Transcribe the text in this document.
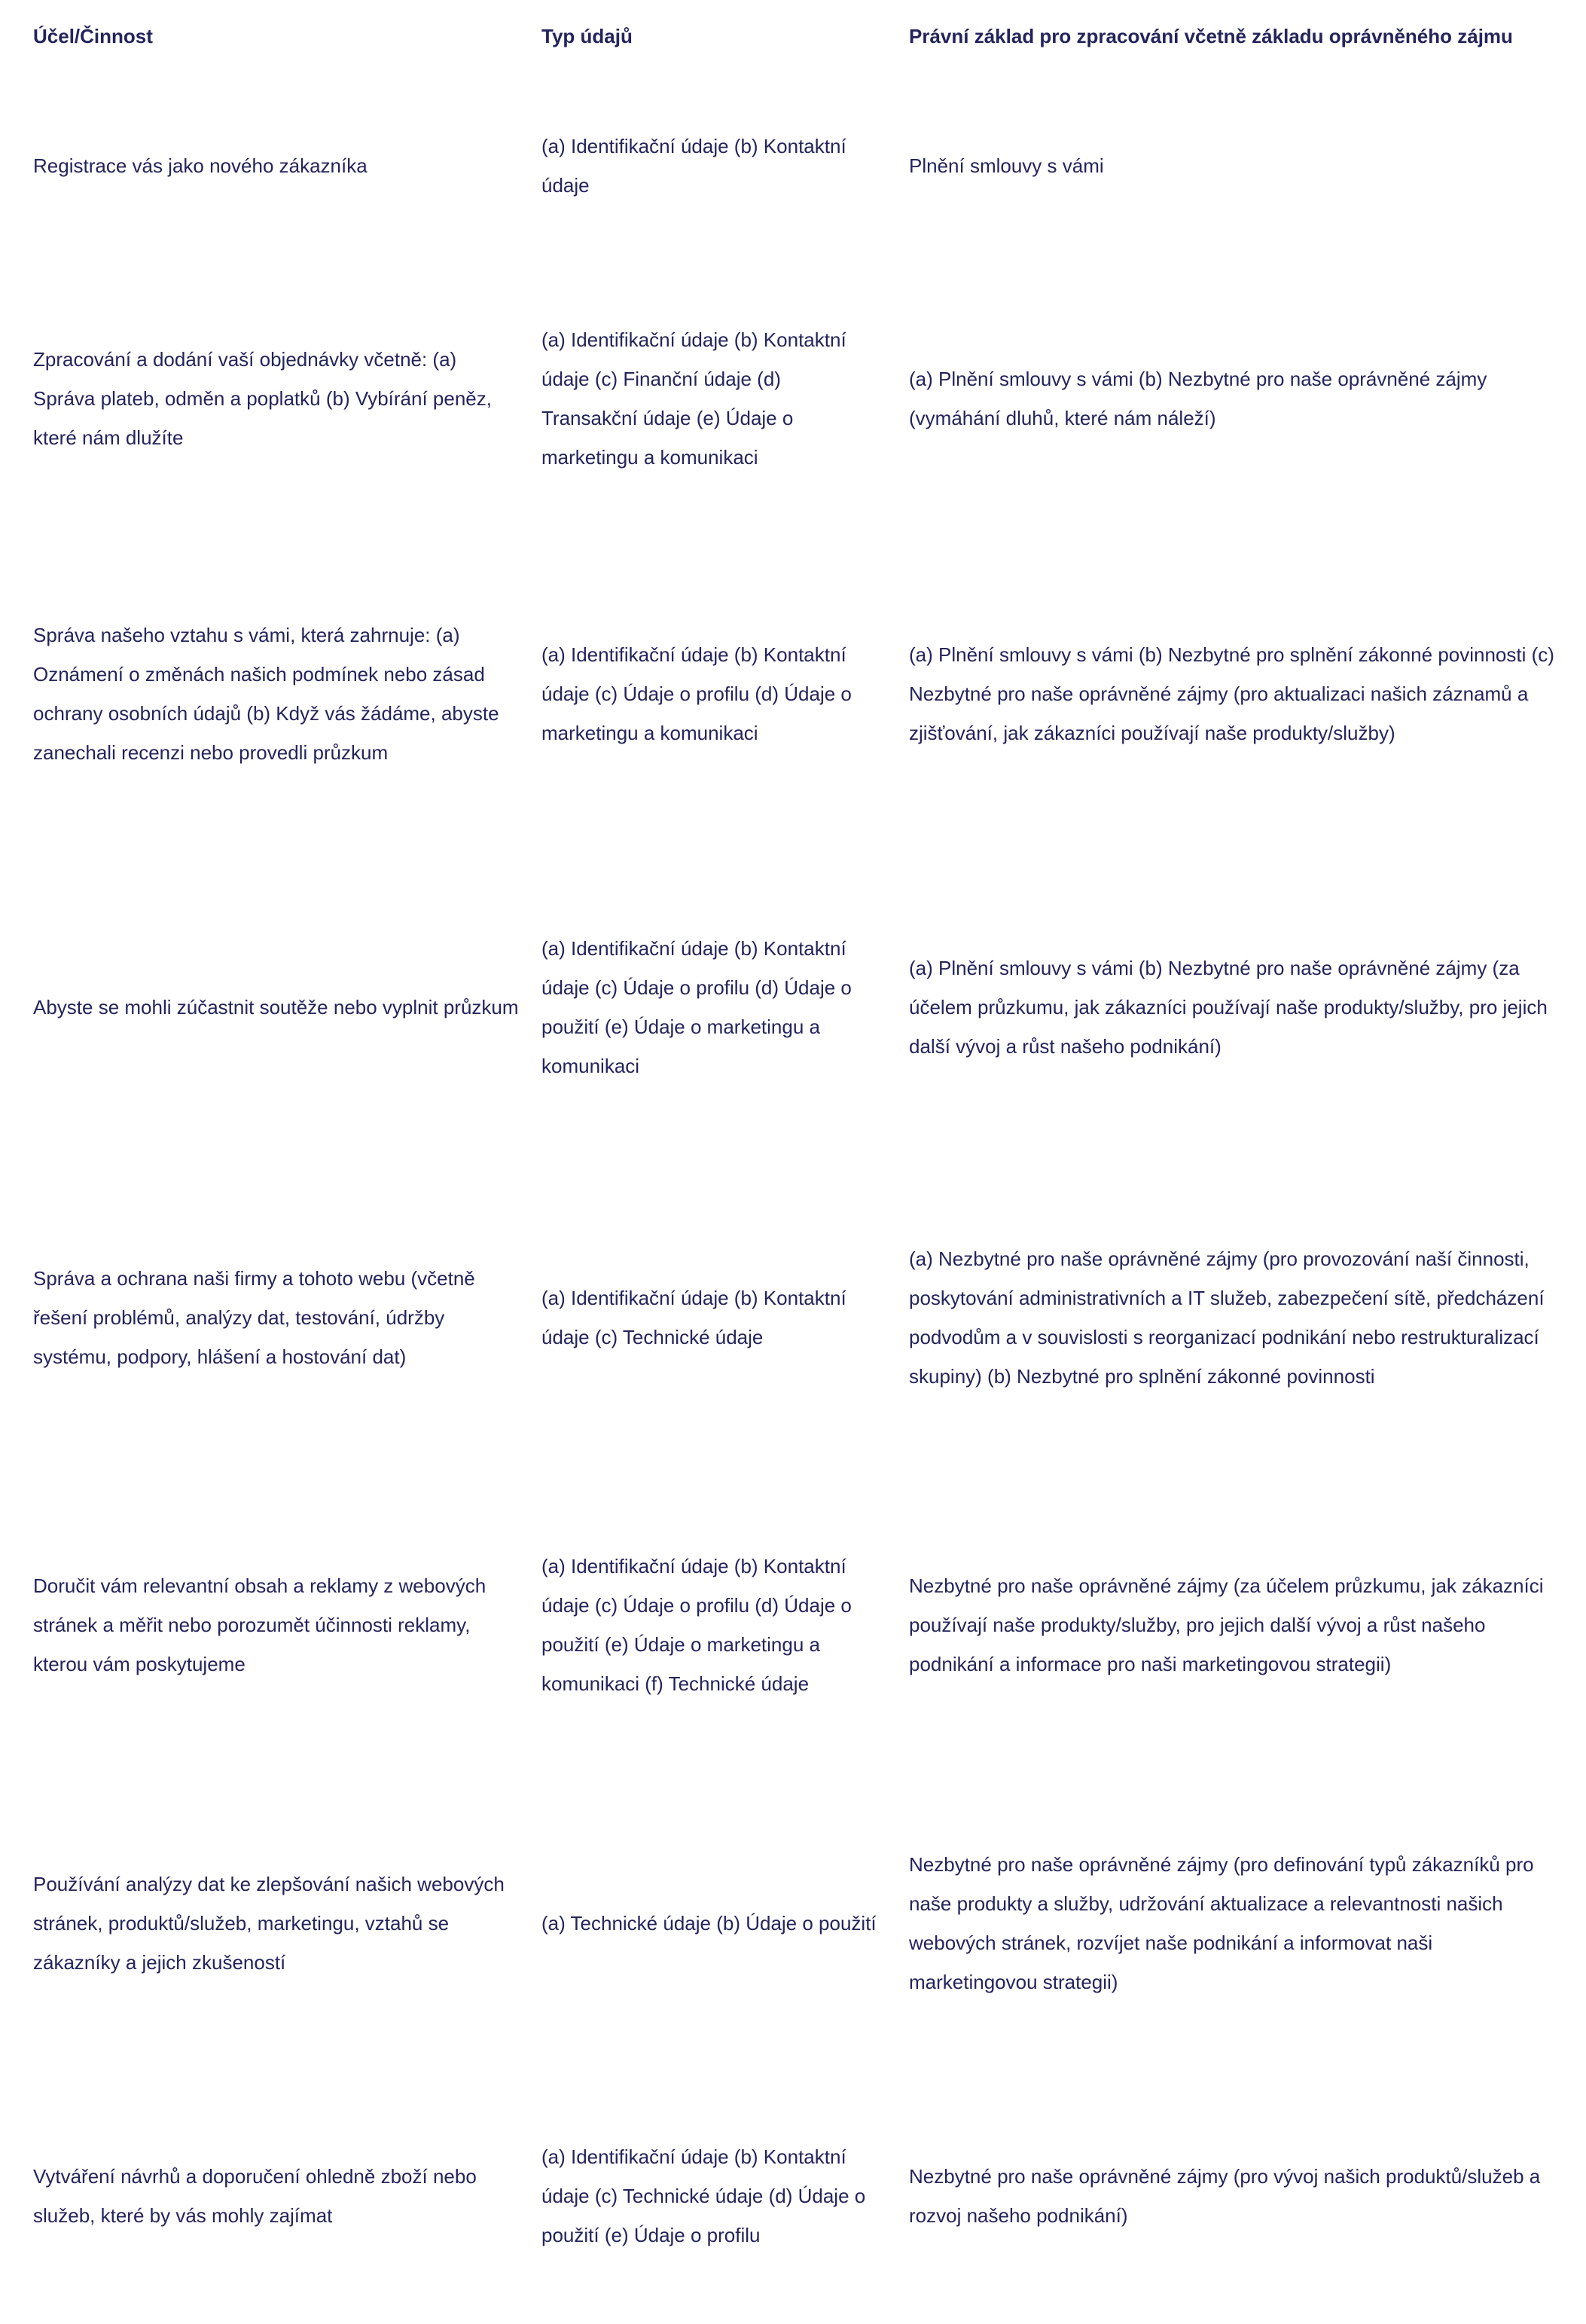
Účel/Činnost	Typ údajů	Právní základ pro zpracování včetně základu oprávněného zájmu
Registrace vás jako nového zákazníka	(a) Identifikační údaje (b) Kontaktní údaje	Plnění smlouvy s vámi
Zpracování a dodání vaší objednávky včetně: (a) Správa plateb, odměn a poplatků (b) Vybírání peněz, které nám dlužíte	(a) Identifikační údaje (b) Kontaktní údaje (c) Finanční údaje (d) Transakční údaje (e) Údaje o marketingu a komunikaci	(a) Plnění smlouvy s vámi (b) Nezbytné pro naše oprávněné zájmy (vymáhání dluhů, které nám náleží)
Správa našeho vztahu s vámi, která zahrnuje: (a) Oznámení o změnách našich podmínek nebo zásad ochrany osobních údajů (b) Když vás žádáme, abyste zanechali recenzi nebo provedli průzkum	(a) Identifikační údaje (b) Kontaktní údaje (c) Údaje o profilu (d) Údaje o marketingu a komunikaci	(a) Plnění smlouvy s vámi (b) Nezbytné pro splnění zákonné povinnosti (c) Nezbytné pro naše oprávněné zájmy (pro aktualizaci našich záznamů a zjišťování, jak zákazníci používají naše produkty/služby)
Abyste se mohli zúčastnit soutěže nebo vyplnit průzkum	(a) Identifikační údaje (b) Kontaktní údaje (c) Údaje o profilu (d) Údaje o použití (e) Údaje o marketingu a komunikaci	(a) Plnění smlouvy s vámi (b) Nezbytné pro naše oprávněné zájmy (za účelem průzkumu, jak zákazníci používají naše produkty/služby, pro jejich další vývoj a růst našeho podnikání)
Správa a ochrana naši firmy a tohoto webu (včetně řešení problémů, analýzy dat, testování, údržby systému, podpory, hlášení a hostování dat)	(a) Identifikační údaje (b) Kontaktní údaje (c) Technické údaje	(a) Nezbytné pro naše oprávněné zájmy (pro provozování naší činnosti, poskytování administrativních a IT služeb, zabezpečení sítě, předcházení podvodům a v souvislosti s reorganizací podnikání nebo restrukturalizací skupiny) (b) Nezbytné pro splnění zákonné povinnosti
Doručit vám relevantní obsah a reklamy z webových stránek a měřit nebo porozumět účinnosti reklamy, kterou vám poskytujeme	(a) Identifikační údaje (b) Kontaktní údaje (c) Údaje o profilu (d) Údaje o použití (e) Údaje o marketingu a komunikaci (f) Technické údaje	Nezbytné pro naše oprávněné zájmy (za účelem průzkumu, jak zákazníci používají naše produkty/služby, pro jejich další vývoj a růst našeho podnikání a informace pro naši marketingovou strategii)
Používání analýzy dat ke zlepšování našich webových stránek, produktů/služeb, marketingu, vztahů se zákazníky a jejich zkušeností	(a) Technické údaje (b) Údaje o použití	Nezbytné pro naše oprávněné zájmy (pro definování typů zákazníků pro naše produkty a služby, udržování aktualizace a relevantnosti našich webových stránek, rozvíjet naše podnikání a informovat naši marketingovou strategii)
Vytváření návrhů a doporučení ohledně zboží nebo služeb, které by vás mohly zajímat	(a) Identifikační údaje (b) Kontaktní údaje (c) Technické údaje (d) Údaje o použití (e) Údaje o profilu	Nezbytné pro naše oprávněné zájmy (pro vývoj našich produktů/služeb a rozvoj našeho podnikání)
